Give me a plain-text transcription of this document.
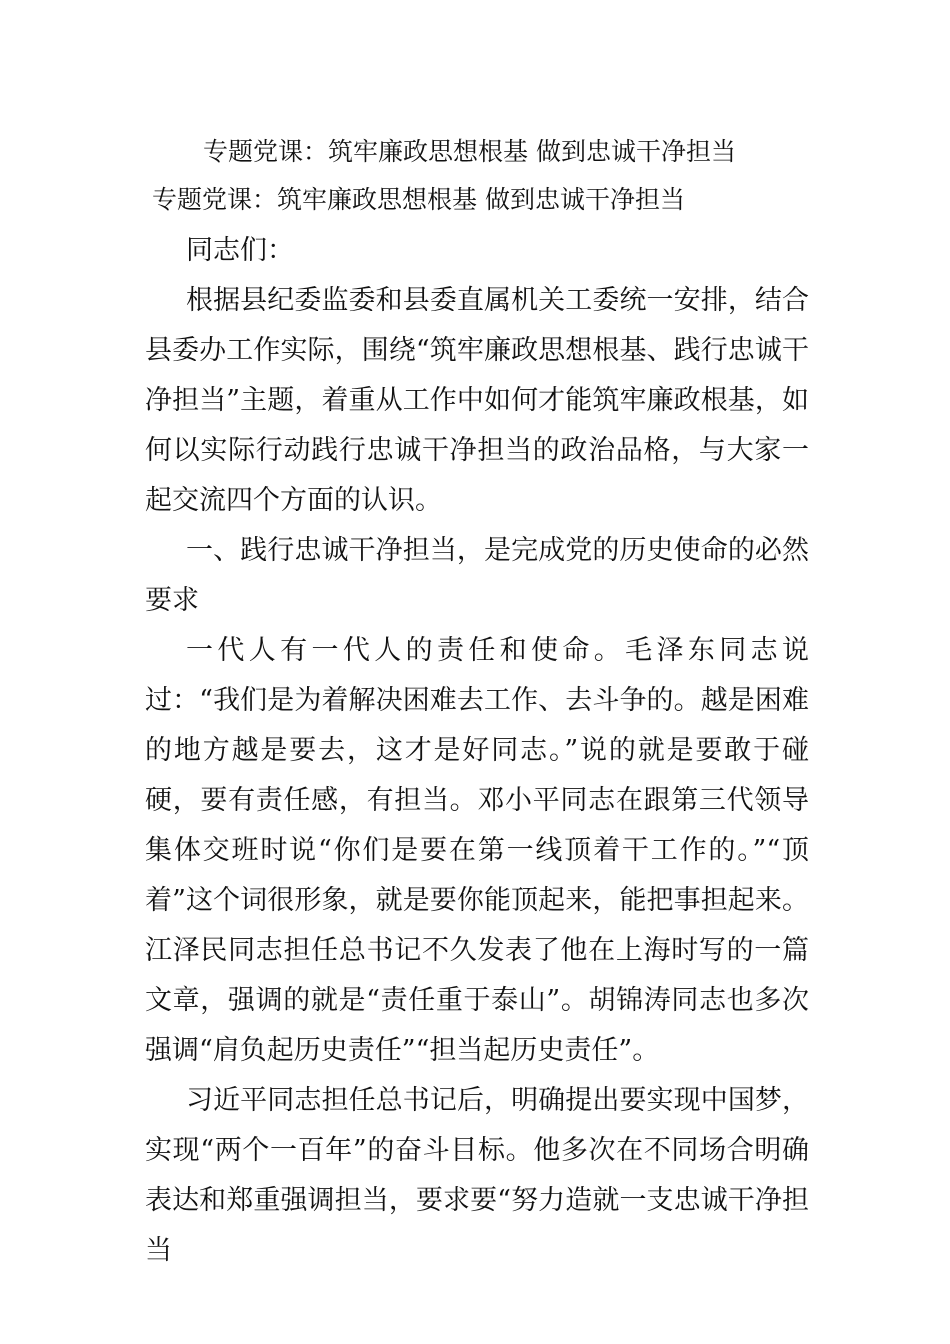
专题党课：筑牢廉政思想根基 做到忠诚干净担当
专题党课：筑牢廉政思想根基 做到忠诚干净担当

同志们：

根据县纪委监委和县委直属机关工委统一安排，结合县委办工作实际，围绕“筑牢廉政思想根基、践行忠诚干净担当”主题，着重从工作中如何才能筑牢廉政根基，如何以实际行动践行忠诚干净担当的政治品格，与大家一起交流四个方面的认识。

一、践行忠诚干净担当，是完成党的历史使命的必然要求

一代人有一代人的责任和使命。毛泽东同志说过：“我们是为着解决困难去工作、去斗争的。越是困难的地方越是要去，这才是好同志。”说的就是要敢于碰硬，要有责任感，有担当。邓小平同志在跟第三代领导集体交班时说“你们是要在第一线顶着干工作的。”“顶着”这个词很形象，就是要你能顶起来，能把事担起来。江泽民同志担任总书记不久发表了他在上海时写的一篇文章，强调的就是“责任重于泰山”。胡锦涛同志也多次强调“肩负起历史责任”“担当起历史责任”。

习近平同志担任总书记后，明确提出要实现中国梦，实现“两个一百年”的奋斗目标。他多次在不同场合明确表达和郑重强调担当，要求要“努力造就一支忠诚干净担当
